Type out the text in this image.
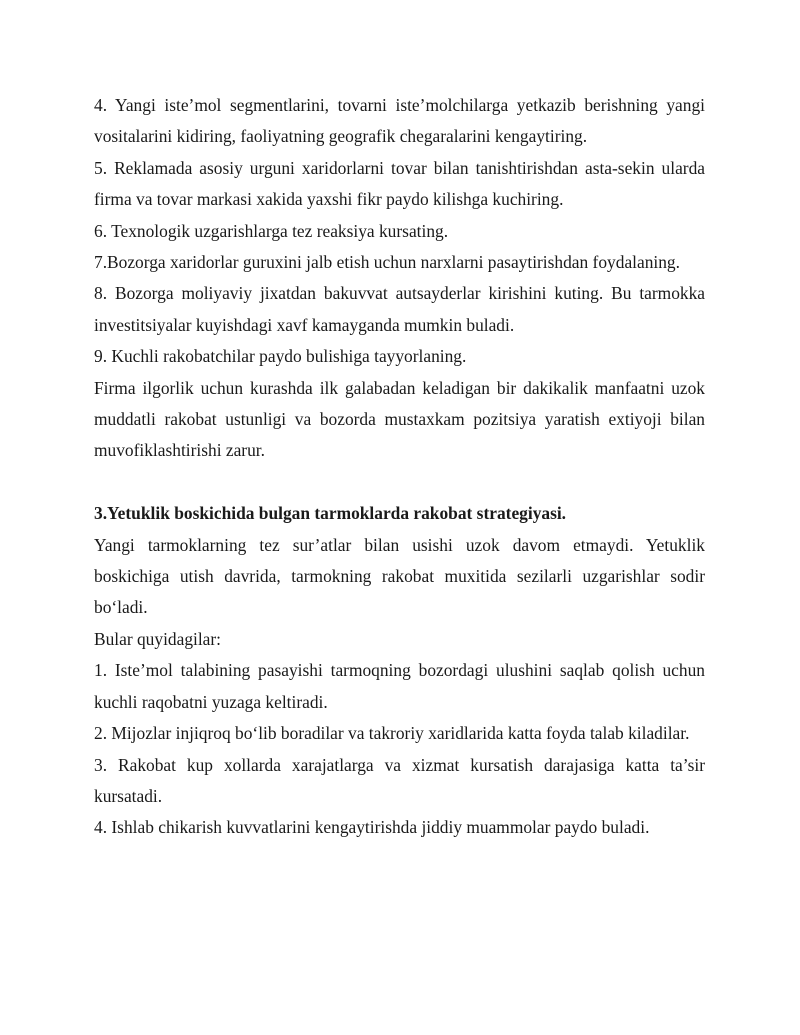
4. Yangi iste’mol segmentlarini, tovarni iste’molchilarga yetkazib berishning yangi vositalarini kidiring, faoliyatning geografik chegaralarini kengaytiring.

5. Reklamada asosiy urguni xaridorlarni tovar bilan tanishtirishdan asta-sekin ularda firma va tovar markasi xakida yaxshi fikr paydo kilishga kuchiring.

6. Texnologik uzgarishlarga tez reaksiya kursating.

7.Bozorga xaridorlar guruxini jalb etish uchun narxlarni pasaytirishdan foydalaning.

8. Bozorga moliyaviy jixatdan bakuvvat autsayderlar kirishini kuting. Bu tarmokka investitsiyalar kuyishdagi xavf kamayganda mumkin buladi.

9. Kuchli rakobatchilar paydo bulishiga tayyorlaning.

Firma ilgorlik uchun kurashda ilk galabadan keladigan bir dakikalik manfaatni uzok muddatli rakobat ustunligi va bozorda mustaxkam pozitsiya yaratish extiyoji bilan muvofiklashtirishi zarur.

3.Yetuklik boskichida bulgan tarmoklarda rakobat strategiyasi.

Yangi tarmoklarning tez sur’atlar bilan usishi uzok davom etmaydi. Yetuklik boskichiga utish davrida, tarmokning rakobat muxitida sezilarli uzgarishlar sodir bo‘ladi.

Bular quyidagilar:

1. Iste’mol talabining pasayishi tarmoqning bozordagi ulushini saqlab qolish uchun kuchli raqobatni yuzaga keltiradi.

2. Mijozlar injiqroq bo‘lib boradilar va takroriy xaridlarida katta foyda talab kiladilar.

3. Rakobat kup xollarda xarajatlarga va xizmat kursatish darajasiga katta ta’sir kursatadi.

4. Ishlab chikarish kuvvatlarini kengaytirishda jiddiy muammolar paydo buladi.
